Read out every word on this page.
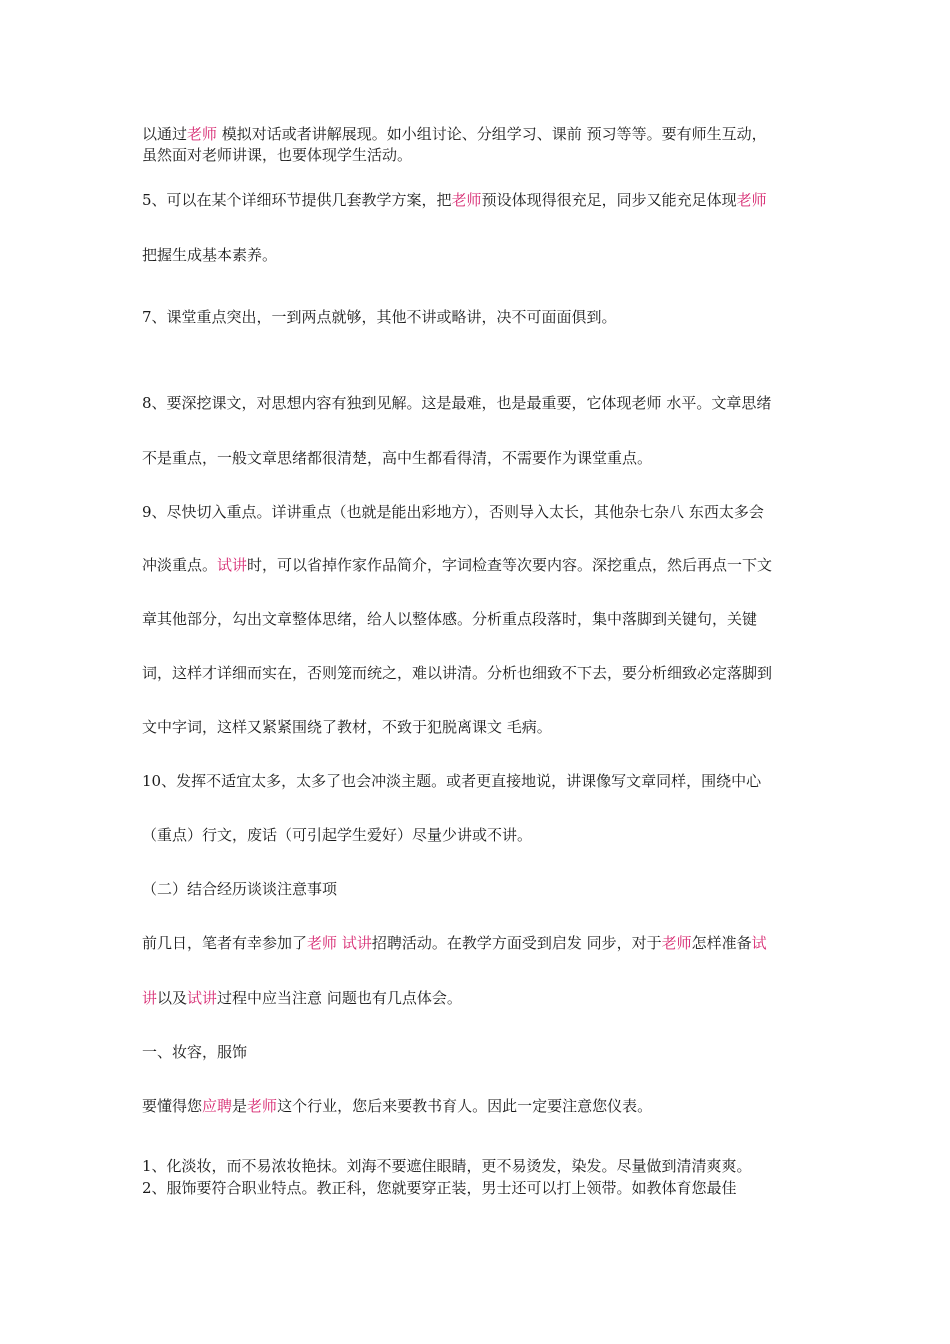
以通过老师 模拟对话或者讲解展现。如小组讨论、分组学习、课前 预习等等。要有师生互动，
虽然面对老师讲课，也要体现学生活动。
5、可以在某个详细环节提供几套教学方案，把老师预设体现得很充足，同步又能充足体现老师
把握生成基本素养。
7、课堂重点突出，一到两点就够，其他不讲或略讲，决不可面面俱到。
8、要深挖课文，对思想内容有独到见解。这是最难，也是最重要，它体现老师 水平。文章思绪
不是重点，一般文章思绪都很清楚，高中生都看得清，不需要作为课堂重点。
9、尽快切入重点。详讲重点（也就是能出彩地方），否则导入太长，其他杂七杂八 东西太多会
冲淡重点。试讲时，可以省掉作家作品简介，字词检查等次要内容。深挖重点，然后再点一下文
章其他部分，勾出文章整体思绪，给人以整体感。分析重点段落时，集中落脚到关键句，关键
词，这样才详细而实在，否则笼而统之，难以讲清。分析也细致不下去，要分析细致必定落脚到
文中字词，这样又紧紧围绕了教材，不致于犯脱离课文 毛病。
10、发挥不适宜太多，太多了也会冲淡主题。或者更直接地说，讲课像写文章同样，围绕中心
（重点）行文，废话（可引起学生爱好）尽量少讲或不讲。
（二）结合经历谈谈注意事项
前几日，笔者有幸参加了老师 试讲招聘活动。在教学方面受到启发 同步，对于老师怎样准备试
讲以及试讲过程中应当注意 问题也有几点体会。
一、妆容，服饰
要懂得您应聘是老师这个行业，您后来要教书育人。因此一定要注意您仪表。
1、化淡妆，而不易浓妆艳抹。刘海不要遮住眼睛，更不易烫发，染发。尽量做到清清爽爽。
2、服饰要符合职业特点。教正科，您就要穿正装，男士还可以打上领带。如教体育您最佳
